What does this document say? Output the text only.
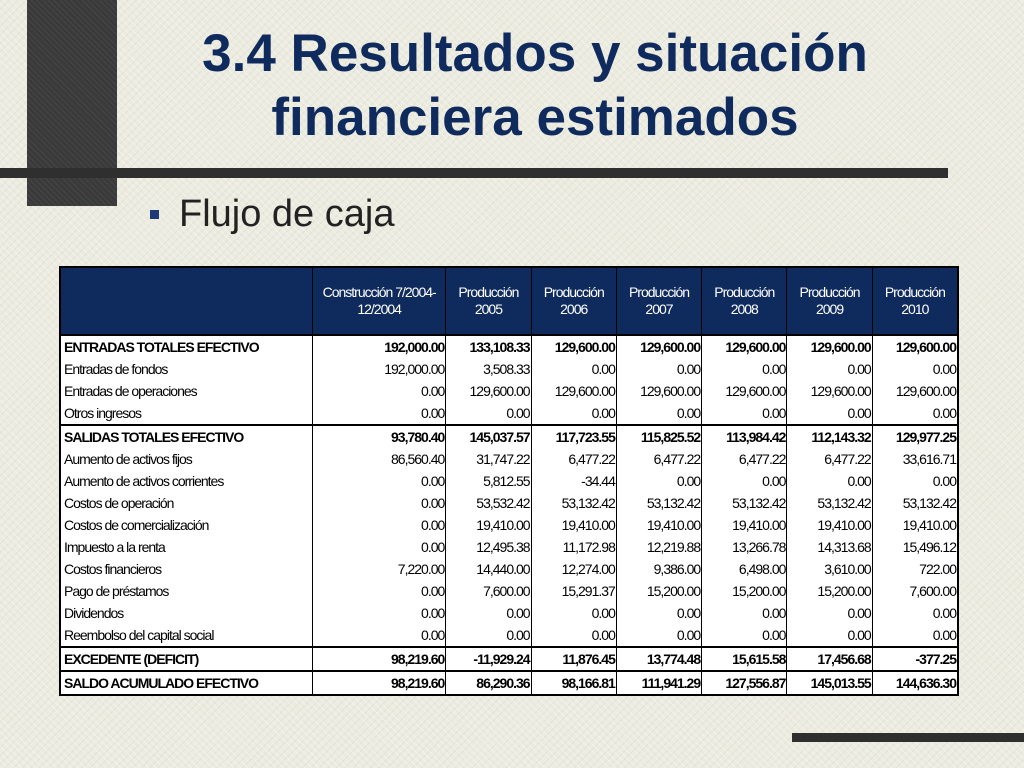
3.4 Resultados y situación
financiera estimados
Flujo de caja
	Construcción 7/2004-12/2004	Producción 2005	Producción 2006	Producción 2007	Producción 2008	Producción 2009	Producción 2010
ENTRADAS TOTALES EFECTIVO	192,000.00	133,108.33	129,600.00	129,600.00	129,600.00	129,600.00	129,600.00
Entradas de fondos	192,000.00	3,508.33	0.00	0.00	0.00	0.00	0.00
Entradas de operaciones	0.00	129,600.00	129,600.00	129,600.00	129,600.00	129,600.00	129,600.00
Otros ingresos	0.00	0.00	0.00	0.00	0.00	0.00	0.00
SALIDAS TOTALES EFECTIVO	93,780.40	145,037.57	117,723.55	115,825.52	113,984.42	112,143.32	129,977.25
Aumento de activos fijos	86,560.40	31,747.22	6,477.22	6,477.22	6,477.22	6,477.22	33,616.71
Aumento de activos corrientes	0.00	5,812.55	-34.44	0.00	0.00	0.00	0.00
Costos de operación	0.00	53,532.42	53,132.42	53,132.42	53,132.42	53,132.42	53,132.42
Costos de comercialización	0.00	19,410.00	19,410.00	19,410.00	19,410.00	19,410.00	19,410.00
Impuesto a la renta	0.00	12,495.38	11,172.98	12,219.88	13,266.78	14,313.68	15,496.12
Costos financieros	7,220.00	14,440.00	12,274.00	9,386.00	6,498.00	3,610.00	722.00
Pago de préstamos	0.00	7,600.00	15,291.37	15,200.00	15,200.00	15,200.00	7,600.00
Dividendos	0.00	0.00	0.00	0.00	0.00	0.00	0.00
Reembolso del capital social	0.00	0.00	0.00	0.00	0.00	0.00	0.00
EXCEDENTE (DEFICIT)	98,219.60	-11,929.24	11,876.45	13,774.48	15,615.58	17,456.68	-377.25
SALDO ACUMULADO EFECTIVO	98,219.60	86,290.36	98,166.81	111,941.29	127,556.87	145,013.55	144,636.30
